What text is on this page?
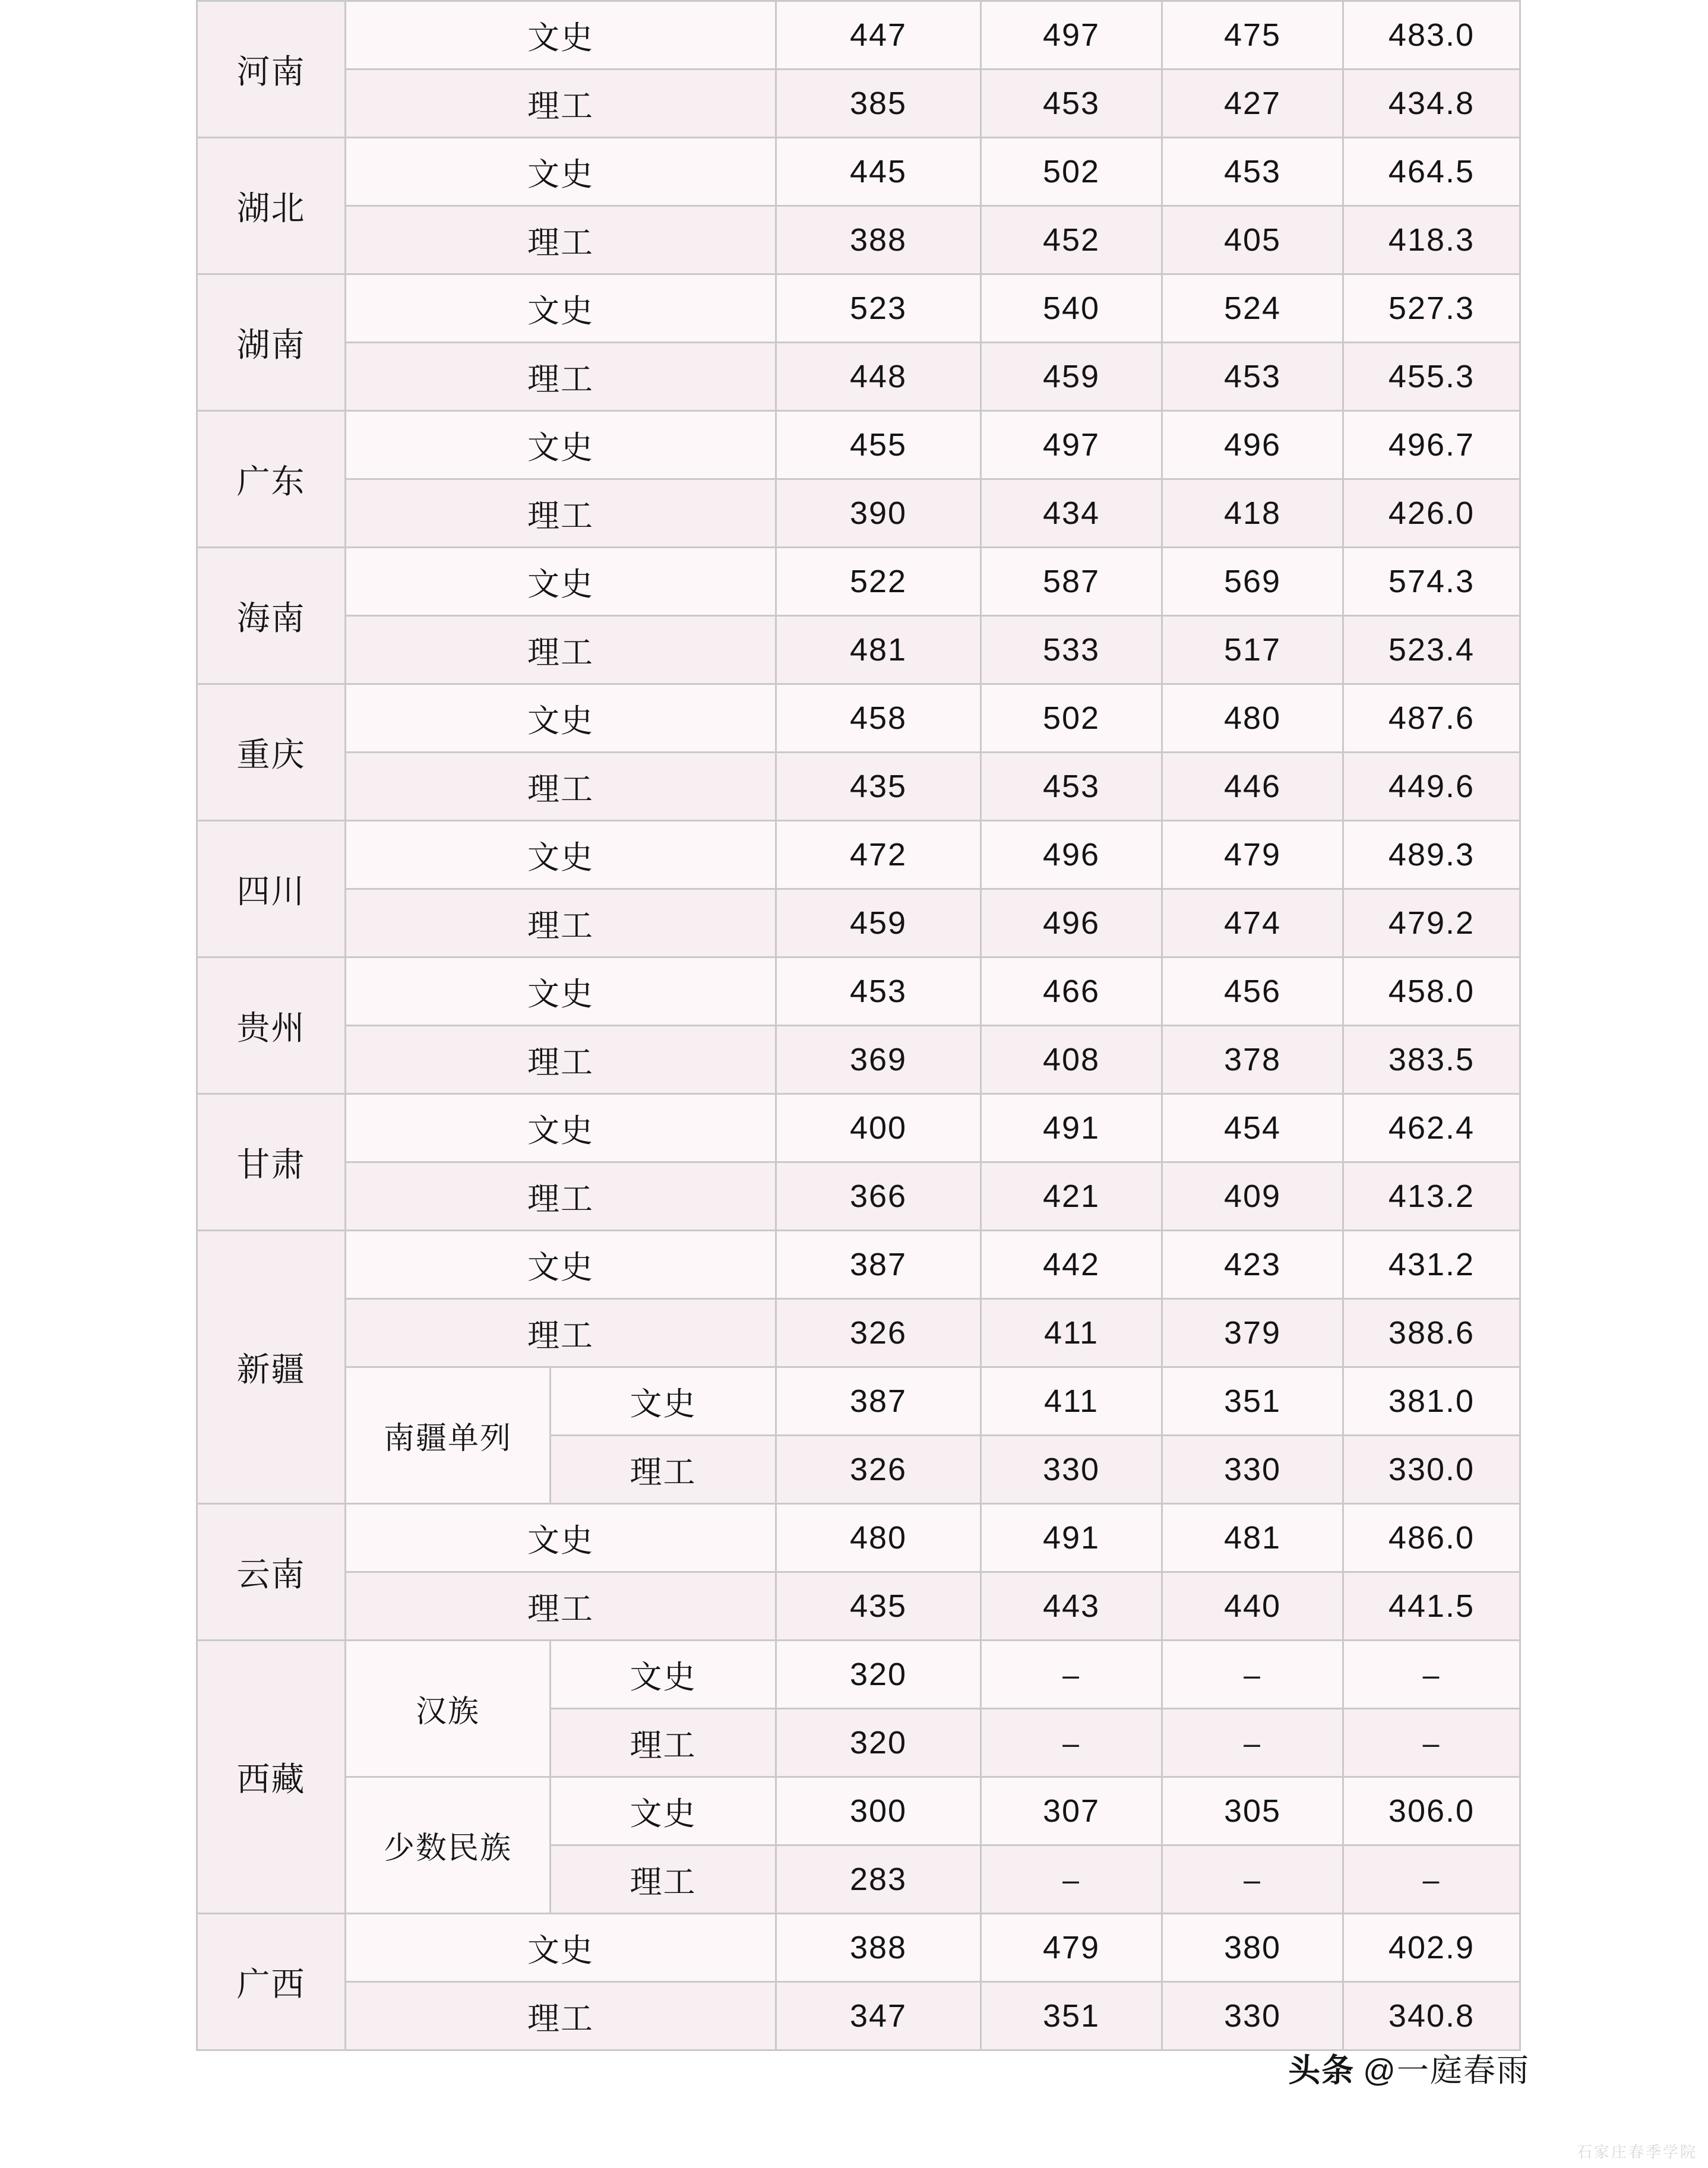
河南	文史		447	497	475	483.0
	理工		385	453	427	434.8
湖北	文史		445	502	453	464.5
	理工		388	452	405	418.3
湖南	文史		523	540	524	527.3
	理工		448	459	453	455.3
广东	文史		455	497	496	496.7
	理工		390	434	418	426.0
海南	文史		522	587	569	574.3
	理工		481	533	517	523.4
重庆	文史		458	502	480	487.6
	理工		435	453	446	449.6
四川	文史		472	496	479	489.3
	理工		459	496	474	479.2
贵州	文史		453	466	456	458.0
	理工		369	408	378	383.5
甘肃	文史		400	491	454	462.4
	理工		366	421	409	413.2
新疆	文史		387	442	423	431.2
	理工		326	411	379	388.6
	南疆单列	文史	387	411	351	381.0
		理工	326	330	330	330.0
云南	文史		480	491	481	486.0
	理工		435	443	440	441.5
西藏	汉族	文史	320	–	–	–
		理工	320	–	–	–
	少数民族	文史	300	307	305	306.0
		理工	283	–	–	–
广西	文史		388	479	380	402.9
	理工		347	351	330	340.8
头条 @一庭春雨
石家庄春季学院
